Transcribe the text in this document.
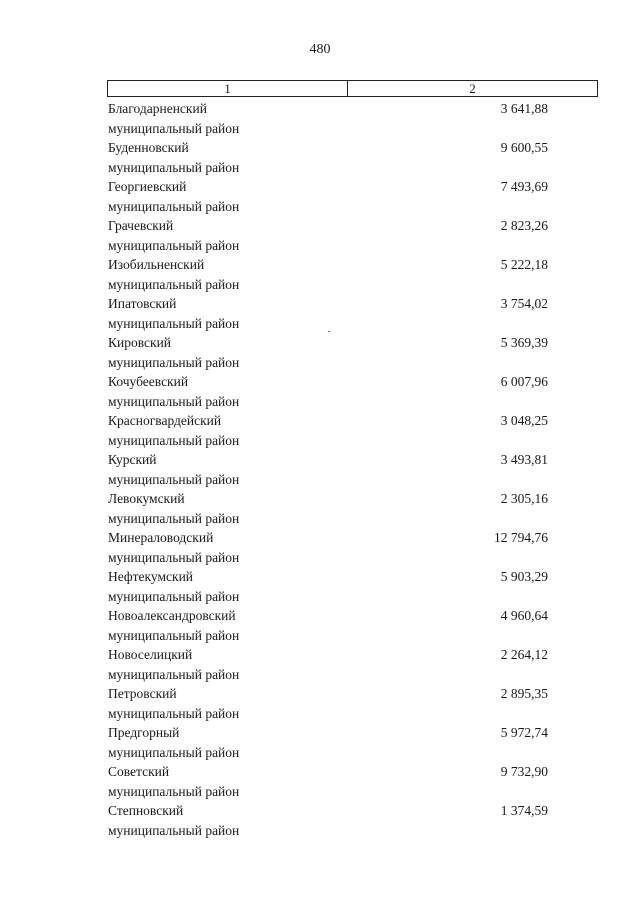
480
1	2
Благодарненский
муниципальный район
3 641,88
Буденновский
муниципальный район
9 600,55
Георгиевский
муниципальный район
7 493,69
Грачевский
муниципальный район
2 823,26
Изобильненский
муниципальный район
5 222,18
Ипатовский
муниципальный район
3 754,02
Кировский
муниципальный район
5 369,39
Кочубеевский
муниципальный район
6 007,96
Красногвардейский
муниципальный район
3 048,25
Курский
муниципальный район
3 493,81
Левокумский
муниципальный район
2 305,16
Минераловодский
муниципальный район
12 794,76
Нефтекумский
муниципальный район
5 903,29
Новоалександровский
муниципальный район
4 960,64
Новоселицкий
муниципальный район
2 264,12
Петровский
муниципальный район
2 895,35
Предгорный
муниципальный район
5 972,74
Советский
муниципальный район
9 732,90
Степновский
муниципальный район
1 374,59
